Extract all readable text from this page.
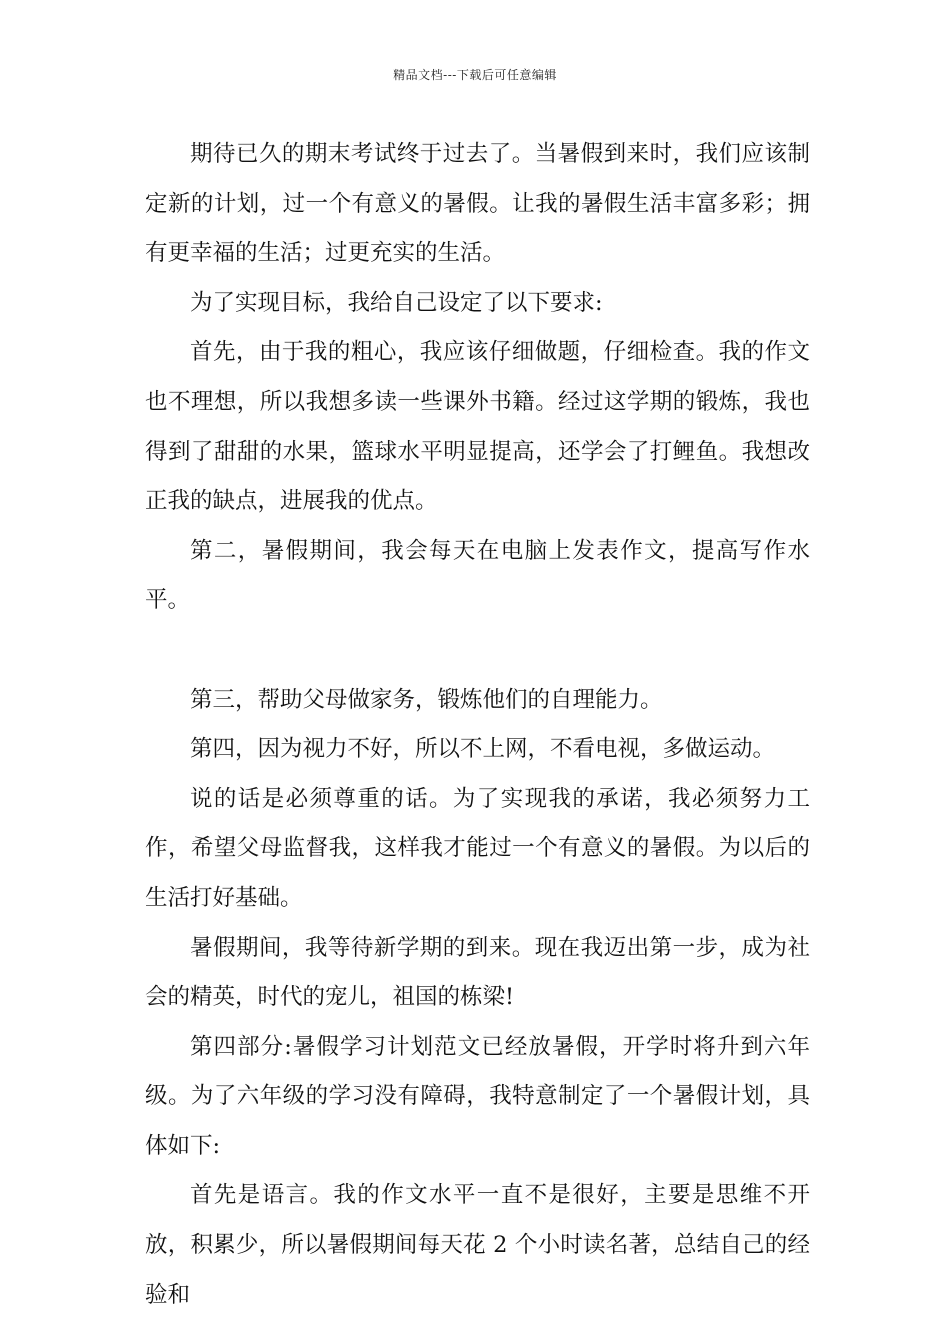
精品文档---下载后可任意编辑

期待已久的期末考试终于过去了。当暑假到来时，我们应该制定新的计划，过一个有意义的暑假。让我的暑假生活丰富多彩；拥有更幸福的生活；过更充实的生活。

为了实现目标，我给自己设定了以下要求:

首先，由于我的粗心，我应该仔细做题，仔细检查。我的作文也不理想，所以我想多读一些课外书籍。经过这学期的锻炼，我也得到了甜甜的水果，篮球水平明显提高，还学会了打鲤鱼。我想改正我的缺点，进展我的优点。

第二，暑假期间，我会每天在电脑上发表作文，提高写作水平。

第三，帮助父母做家务，锻炼他们的自理能力。

第四，因为视力不好，所以不上网，不看电视，多做运动。

说的话是必须尊重的话。为了实现我的承诺，我必须努力工作，希望父母监督我，这样我才能过一个有意义的暑假。为以后的生活打好基础。

暑假期间，我等待新学期的到来。现在我迈出第一步，成为社会的精英，时代的宠儿，祖国的栋梁!

第四部分:暑假学习计划范文已经放暑假，开学时将升到六年级。为了六年级的学习没有障碍，我特意制定了一个暑假计划，具体如下:

首先是语言。我的作文水平一直不是很好，主要是思维不开放，积累少，所以暑假期间每天花 2 个小时读名著，总结自己的经验和
